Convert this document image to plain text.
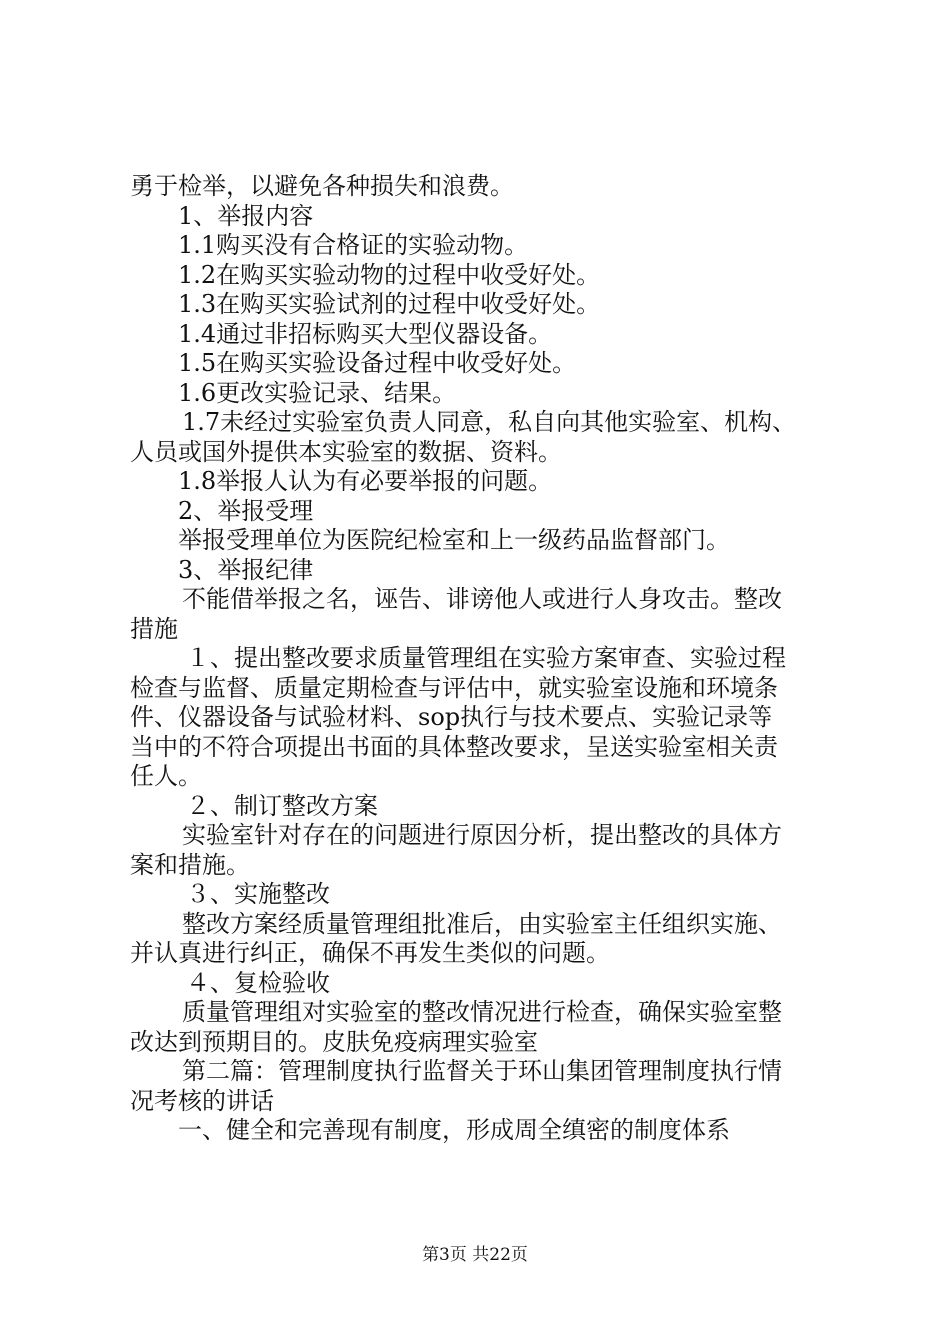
勇于检举，以避免各种损失和浪费。
1、举报内容
1.1购买没有合格证的实验动物。
1.2在购买实验动物的过程中收受好处。
1.3在购买实验试剂的过程中收受好处。
1.4通过非招标购买大型仪器设备。
1.5在购买实验设备过程中收受好处。
1.6更改实验记录、结果。
1.7未经过实验室负责人同意，私自向其他实验室、机构、
人员或国外提供本实验室的数据、资料。
1.8举报人认为有必要举报的问题。
2、举报受理
举报受理单位为医院纪检室和上一级药品监督部门。
3、举报纪律
不能借举报之名，诬告、诽谤他人或进行人身攻击。整改
措施
１、提出整改要求质量管理组在实验方案审查、实验过程
检查与监督、质量定期检查与评估中，就实验室设施和环境条
件、仪器设备与试验材料、sop执行与技术要点、实验记录等
当中的不符合项提出书面的具体整改要求，呈送实验室相关责
任人。
２、制订整改方案
实验室针对存在的问题进行原因分析，提出整改的具体方
案和措施。
３、实施整改
整改方案经质量管理组批准后，由实验室主任组织实施、
并认真进行纠正，确保不再发生类似的问题。
４、复检验收
质量管理组对实验室的整改情况进行检查，确保实验室整
改达到预期目的。皮肤免疫病理实验室
第二篇：管理制度执行监督关于环山集团管理制度执行情
况考核的讲话
一、健全和完善现有制度，形成周全缜密的制度体系
第3页 共22页
